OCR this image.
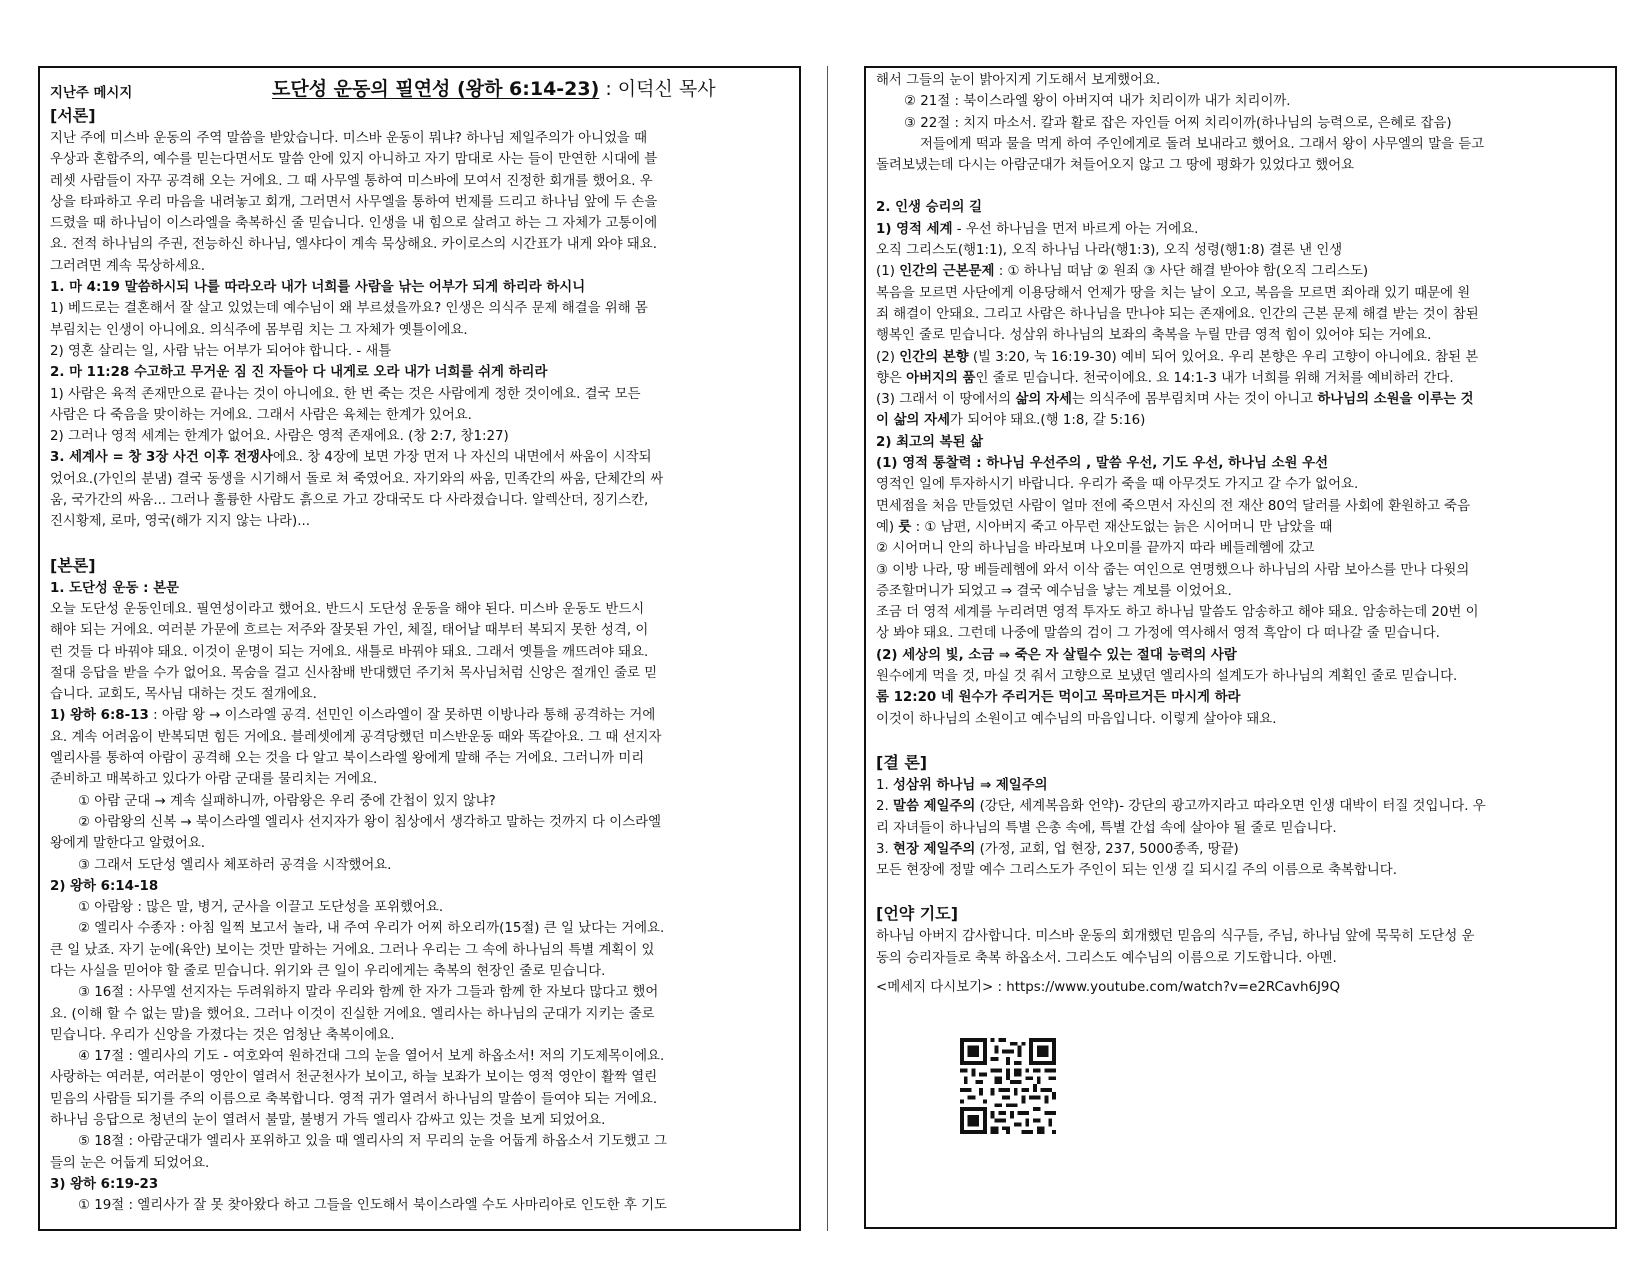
지난주 메시지	도단성 운동의 필연성 (왕하 6:14-23) : 이덕신 목사
[서론]
지난 주에 미스바 운동의 주역 말씀을 받았습니다. 미스바 운동이 뭐냐? 하나님 제일주의가 아니었을 때
우상과 혼합주의, 예수를 믿는다면서도 말씀 안에 있지 아니하고 자기 맘대로 사는 들이 만연한 시대에 블
레셋 사람들이 자꾸 공격해 오는 거에요. 그 때 사무엘 통하여 미스바에 모여서 진정한 회개를 했어요. 우
상을 타파하고 우리 마음을 내려놓고 회개, 그러면서 사무엘을 통하여 번제를 드리고 하나님 앞에 두 손을
드렸을 때 하나님이 이스라엘을 축복하신 줄 믿습니다. 인생을 내 힘으로 살려고 하는 그 자체가 고통이에
요. 전적 하나님의 주권, 전능하신 하나님, 엘샤다이 계속 묵상해요. 카이로스의 시간표가 내게 와야 돼요.
그러려면 계속 묵상하세요.
1. 마 4:19 말씀하시되 나를 따라오라 내가 너희를 사람을 낚는 어부가 되게 하리라 하시니
1) 베드로는 결혼해서 잘 살고 있었는데 예수님이 왜 부르셨을까요? 인생은 의식주 문제 해결을 위해 몸
부림치는 인생이 아니에요. 의식주에 몸부림 치는 그 자체가 옛틀이에요.
2) 영혼 살리는 일, 사람 낚는 어부가 되어야 합니다. - 새틀
2. 마 11:28 수고하고 무거운 짐 진 자들아 다 내게로 오라 내가 너희를 쉬게 하리라
1) 사람은 육적 존재만으로 끝나는 것이 아니에요. 한 번 죽는 것은 사람에게 정한 것이에요. 결국 모든
사람은 다 죽음을 맞이하는 거에요. 그래서 사람은 육체는 한계가 있어요.
2) 그러나 영적 세계는 한계가 없어요. 사람은 영적 존재에요. (창 2:7, 창1:27)
3. 세계사 = 창 3장 사건 이후 전쟁사에요. 창 4장에 보면 가장 먼저 나 자신의 내면에서 싸움이 시작되
었어요.(가인의 분냄) 결국 동생을 시기해서 돌로 쳐 죽였어요. 자기와의 싸움, 민족간의 싸움, 단체간의 싸
움, 국가간의 싸움... 그러나 훌륭한 사람도 흙으로 가고 강대국도 다 사라졌습니다. 알렉산더, 징기스칸,
진시황제, 로마, 영국(해가 지지 않는 나라)...
[본론]
1. 도단성 운동 : 본문
오늘 도단성 운동인데요. 필연성이라고 했어요. 반드시 도단성 운동을 해야 된다. 미스바 운동도 반드시
해야 되는 거에요. 여러분 가문에 흐르는 저주와 잘못된 가인, 체질, 태어날 때부터 복되지 못한 성격, 이
런 것들 다 바꿔야 돼요. 이것이 운명이 되는 거에요. 새틀로 바꿔야 돼요. 그래서 옛틀을 깨뜨려야 돼요.
절대 응답을 받을 수가 없어요. 목숨을 걸고 신사참배 반대했던 주기처 목사님처럼 신앙은 절개인 줄로 믿
습니다. 교회도, 목사님 대하는 것도 절개에요.
1) 왕하 6:8-13 : 아람 왕 → 이스라엘 공격. 선민인 이스라엘이 잘 못하면 이방나라 통해 공격하는 거에
요. 계속 어려움이 반복되면 힘든 거에요. 블레셋에게 공격당했던 미스반운동 때와 똑같아요. 그 때 선지자
엘리사를 통하여 아람이 공격해 오는 것을 다 알고 북이스라엘 왕에게 말해 주는 거에요. 그러니까 미리
준비하고 매복하고 있다가 아람 군대를 물리치는 거에요.
① 아람 군대 → 계속 실패하니까, 아람왕은 우리 중에 간첩이 있지 않냐?
② 아람왕의 신복 → 북이스라엘 엘리사 선지자가 왕이 침상에서 생각하고 말하는 것까지 다 이스라엘
왕에게 말한다고 알렸어요.
③ 그래서 도단성 엘리사 체포하러 공격을 시작했어요.
2) 왕하 6:14-18
① 아람왕 : 많은 말, 병거, 군사을 이끌고 도단성을 포위했어요.
② 엘리사 수종자 : 아침 일찍 보고서 놀라, 내 주여 우리가 어찌 하오리까(15절) 큰 일 났다는 거에요.
큰 일 났죠. 자기 눈에(육안) 보이는 것만 말하는 거에요. 그러나 우리는 그 속에 하나님의 특별 계획이 있
다는 사실을 믿어야 할 줄로 믿습니다. 위기와 큰 일이 우리에게는 축복의 현장인 줄로 믿습니다.
③ 16절 : 사무엘 선지자는 두려워하지 말라 우리와 함께 한 자가 그들과 함께 한 자보다 많다고 했어
요. (이해 할 수 없는 말)을 했어요. 그러나 이것이 진실한 거에요. 엘리사는 하나님의 군대가 지키는 줄로
믿습니다. 우리가 신앙을 가졌다는 것은 엄청난 축복이에요.
④ 17절 : 엘리사의 기도 - 여호와여 원하건대 그의 눈을 열어서 보게 하옵소서! 저의 기도제목이에요.
사랑하는 여러분, 여러분이 영안이 열려서 천군천사가 보이고, 하늘 보좌가 보이는 영적 영안이 활짝 열린
믿음의 사람들 되기를 주의 이름으로 축복합니다. 영적 귀가 열려서 하나님의 말씀이 들여야 되는 거에요.
하나님 응답으로 청년의 눈이 열려서 불말, 불병거 가득 엘리사 감싸고 있는 것을 보게 되었어요.
⑤ 18절 : 아람군대가 엘리사 포위하고 있을 때 엘리사의 저 무리의 눈을 어둡게 하옵소서 기도했고 그
들의 눈은 어둡게 되었어요.
3) 왕하 6:19-23
① 19절 : 엘리사가 잘 못 찾아왔다 하고 그들을 인도해서 북이스라엘 수도 사마리아로 인도한 후 기도
해서 그들의 눈이 밝아지게 기도해서 보게했어요.
② 21절 : 북이스라엘 왕이 아버지여 내가 치리이까 내가 치리이까.
③ 22절 : 치지 마소서. 칼과 활로 잡은 자인들 어찌 치리이까(하나님의 능력으로, 은혜로 잡음)
저들에게 떡과 물을 먹게 하여 주인에게로 돌려 보내라고 했어요. 그래서 왕이 사무엘의 말을 듣고
돌려보냈는데 다시는 아람군대가 쳐들어오지 않고 그 땅에 평화가 있었다고 했어요
2. 인생 승리의 길
1) 영적 세계 - 우선 하나님을 먼저 바르게 아는 거에요.
오직 그리스도(행1:1), 오직 하나님 나라(행1:3), 오직 성령(행1:8) 결론 낸 인생
(1) 인간의 근본문제 : ① 하나님 떠남 ② 원죄 ③ 사단 해결 받아야 함(오직 그리스도)
복음을 모르면 사단에게 이용당해서 언제가 땅을 치는 날이 오고, 복음을 모르면 죄아래 있기 때문에 원
죄 해결이 안돼요. 그리고 사람은 하나님을 만나야 되는 존재에요. 인간의 근본 문제 해결 받는 것이 참된
행복인 줄로 믿습니다. 성삼위 하나님의 보좌의 축복을 누릴 만큼 영적 힘이 있어야 되는 거에요.
(2) 인간의 본향 (빌 3:20, 눅 16:19-30) 예비 되어 있어요. 우리 본향은 우리 고향이 아니에요. 참된 본
향은 아버지의 품인 줄로 믿습니다. 천국이에요. 요 14:1-3 내가 너희를 위해 거처를 예비하러 간다.
(3) 그래서 이 땅에서의 삶의 자세는 의식주에 몸부림치며 사는 것이 아니고 하나님의 소원을 이루는 것
이 삶의 자세가 되어야 돼요.(행 1:8, 갈 5:16)
2) 최고의 복된 삶
(1) 영적 통찰력 : 하나님 우선주의 , 말씀 우선, 기도 우선, 하나님 소원 우선
영적인 일에 투자하시기 바랍니다. 우리가 죽을 때 아무것도 가지고 갈 수가 없어요.
면세점을 처음 만들었던 사람이 얼마 전에 죽으면서 자신의 전 재산 80억 달러를 사회에 환원하고 죽음
예) 룻 : ① 남편, 시아버지 죽고 아무런 재산도없는 늙은 시어머니 만 남았을 때
② 시어머니 안의 하나님을 바라보며 나오미를 끝까지 따라 베들레헴에 갔고
③ 이방 나라, 땅 베들레헴에 와서 이삭 줍는 여인으로 연명했으나 하나님의 사람 보아스를 만나 다윗의
증조할머니가 되었고 ⇒ 결국 예수님을 낳는 계보를 이었어요.
조금 더 영적 세계를 누리려면 영적 투자도 하고 하나님 말씀도 암송하고 해야 돼요. 암송하는데 20번 이
상 봐야 돼요. 그런데 나중에 말씀의 검이 그 가정에 역사해서 영적 흑암이 다 떠나갈 줄 믿습니다.
(2) 세상의 빛, 소금 ⇒ 죽은 자 살릴수 있는 절대 능력의 사람
원수에게 먹을 것, 마실 것 줘서 고향으로 보냈던 엘리사의 설계도가 하나님의 계획인 줄로 믿습니다.
롬 12:20 네 원수가 주리거든 먹이고 목마르거든 마시게 하라
이것이 하나님의 소원이고 예수님의 마음입니다. 이렇게 살아야 돼요.
[결 론]
1. 성삼위 하나님 ⇒ 제일주의
2. 말씀 제일주의 (강단, 세계복음화 언약)- 강단의 광고까지라고 따라오면 인생 대박이 터질 것입니다. 우
리 자녀들이 하나님의 특별 은총 속에, 특별 간섭 속에 살아야 될 줄로 믿습니다.
3. 현장 제일주의 (가정, 교회, 업 현장, 237, 5000종족, 땅끝)
모든 현장에 정말 예수 그리스도가 주인이 되는 인생 길 되시길 주의 이름으로 축복합니다.
[언약 기도]
하나님 아버지 감사합니다. 미스바 운동의 회개했던 믿음의 식구들, 주님, 하나님 앞에 묵묵히 도단성 운
동의 승리자들로 축복 하옵소서. 그리스도 예수님의 이름으로 기도합니다. 아멘.
<메세지 다시보기> : https://www.youtube.com/watch?v=e2RCavh6J9Q
